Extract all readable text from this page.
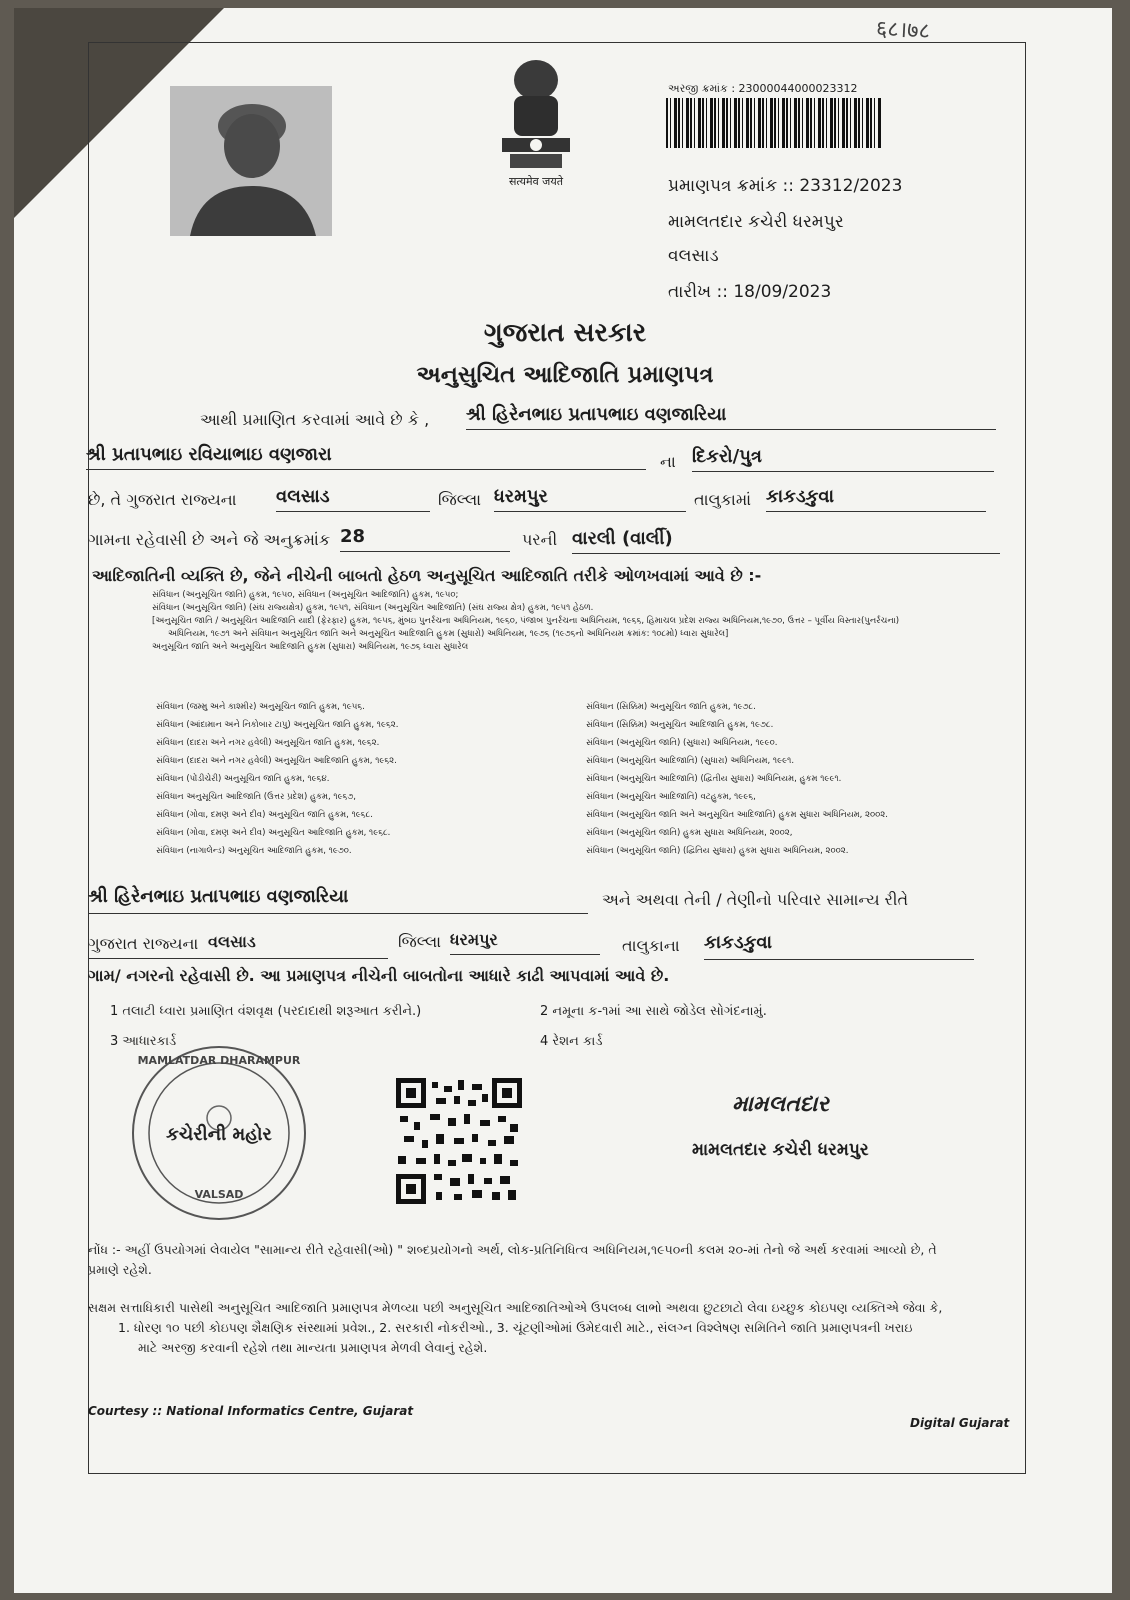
६८।७८
सत्यमेव जयते
અરજી ક્રમાંક : 23000044000023312
પ્રમાણપત્ર ક્રમાંક :: 23312/2023
મામલતદાર કચેરી ધરમપુર
વલસાડ
તારીખ :: 18/09/2023
ગુજરાત સરકાર
અનુસુચિત આદિજાતિ પ્રમાણપત્ર
આથી પ્રમાણિત કરવામાં આવે છે કે , શ્રી હિરેનભાઇ પ્રતાપભાઇ વણજારિયા
શ્રી પ્રતાપભાઇ રવિયાભાઇ વણજારા	ના દિકરો/પુત્ર
છે, તે ગુજરાત રાજ્યના વલસાડ	જિલ્લા ધરમપુર	તાલુકામાં કાકડકુવા
ગામના રહેવાસી છે અને જે અનુક્રમાંક 28	પરની વારલી (વાર્લી)
આદિજાતિની વ્યક્તિ છે, જેને નીચેની બાબતો હેઠળ અનુસૂચિત આદિજાતિ તરીકે ઓળખવામાં આવે છે :-
સંવિધાન (અનુસૂચિત જાતિ) હુકમ, ૧૯૫૦, સંવિધાન (અનુસૂચિત આદિજાતિ) હુકમ, ૧૯૫૦;
સંવિધાન (અનુસૂચિત જાતિ) (સંઘ રાજ્યક્ષેત્ર) હુકમ, ૧૯૫૧, સંવિધાન (અનુસૂચિત આદિજાતિ) (સંઘ રાજ્ય ક્ષેત્ર) હુકમ, ૧૯૫૧ હેઠળ.
[અનુસૂચિત જાતિ / અનુસૂચિત આદિજાતિ યાદી (ફેરફાર) હુકમ, ૧૯૫૬, મુંબઇ પુનર્રચના અધિનિયમ, ૧૯૬૦, પંજાબ પુનર્રચના અધિનિયમ, ૧૯૬૬, હિમાચલ પ્રદેશ રાજ્ય અધિનિયમ,૧૯૭૦, ઉત્તર – પૂર્વીય વિસ્તાર(પુનર્રચના)
અધિનિયમ, ૧૯૭૧ અને સંવિધાન અનુસૂચિત જાતિ અને અનુસૂચિત આદિજાતિ હુકમ (સુધારો) અધિનિયમ, ૧૯૭૬ (૧૯૭૬નો અધિનિયમ ક્રમાંક: ૧૦૮મો) ધ્વારા સુધારેલ]
અનુસૂચિત જાતિ અને અનુસૂચિત આદિજાતિ હુકમ (સુધારા) અધિનિયમ, ૧૯૭૬ ધ્વારા સુધારેલ
સંવિધાન (જમ્મુ અને કાશ્મીર) અનુસૂચિત જાતિ હુકમ, ૧૯૫૬.
સંવિધાન (આંદામાન અને નિકોબાર ટાપુ) અનુસૂચિત જાતિ હુકમ, ૧૯૬૨.
સંવિધાન (દાદરા અને નગર હવેલી) અનુસૂચિત જાતિ હુકમ, ૧૯૬૨.
સંવિધાન (દાદરા અને નગર હવેલી) અનુસૂચિત આદિજાતિ હુકમ, ૧૯૬૨.
સંવિધાન (પોંડીચેરી) અનુસૂચિત જાતિ હુકમ, ૧૯૬૪.
સંવિધાન અનુસૂચિત આદિજાતિ (ઉત્તર પ્રદેશ) હુકમ, ૧૯૬૭,
સંવિધાન (ગોવા, દમણ અને દીવ) અનુસૂચિત જાતિ હુકમ, ૧૯૬૮.
સંવિધાન (ગોવા, દમણ અને દીવ) અનુસૂચિત આદિજાતિ હુકમ, ૧૯૬૮.
સંવિધાન (નાગાલેન્ડ) અનુસૂચિત આદિજાતિ હુકમ, ૧૯૭૦.
સંવિધાન (સિક્કિમ) અનુસૂચિત જાતિ હુકમ, ૧૯૭૮.
સંવિધાન (સિક્કિમ) અનુસૂચિત આદિજાતિ હુકમ, ૧૯૭૮.
સંવિધાન (અનુસૂચિત જાતિ) (સુધારા) અધિનિયમ, ૧૯૯૦.
સંવિધાન (અનુસૂચિત આદિજાતિ) (સુધારા) અધિનિયમ, ૧૯૯૧.
સંવિધાન (અનુસૂચિત આદિજાતિ) (દ્વિતીય સુધારા) અધિનિયમ, હુકમ ૧૯૯૧.
સંવિધાન (અનુસૂચિત આદિજાતિ) વટહુકમ, ૧૯૯૬,
સંવિધાન (અનુસૂચિત જાતિ અને અનુસૂચિત આદિજાતિ) હુકમ સુધારા અધિનિયમ, ૨૦૦૨.
સંવિધાન (અનુસૂચિત જાતિ) હુકમ સુધારા અધિનિયમ, ૨૦૦૨,
સંવિધાન (અનુસૂચિત જાતિ) (દ્વિતિય સુધારા) હુકમ સુધારા અધિનિયમ, ૨૦૦૨.
શ્રી હિરેનભાઇ પ્રતાપભાઇ વણજારિયા	અને અથવા તેની / તેણીનો પરિવાર સામાન્ય રીતે
ગુજરાત રાજ્યના વલસાડ	જિલ્લા ધરમપુર	તાલુકાના કાકડકુવા
ગામ/ નગરનો રહેવાસી છે. આ પ્રમાણપત્ર નીચેની બાબતોના આધારે કાઢી આપવામાં આવે છે.
1 તલાટી ધ્વારા પ્રમાણિત વંશવૃક્ષ (પરદાદાથી શરૂઆત કરીને.)	2 નમૂના ક-૧માં આ સાથે જોડેલ સોગંદનામું.
3 આધારકાર્ડ	4 રેશન કાર્ડ
MAMLATDAR DHARAMPUR
કચેરીની મહોર
VALSAD
મામલતદાર
મામલતદાર કચેરી ધરમપુર
નોંધ :- અહીં ઉપયોગમાં લેવાયેલ "સામાન્ય રીતે રહેવાસી(ઓ) " શબ્દપ્રયોગનો અર્થ, લોક-પ્રતિનિધિત્વ અધિનિયમ,૧૯૫૦ની કલમ ૨૦-માં તેનો જે અર્થ કરવામાં આવ્યો છે, તે
પ્રમાણે રહેશે.
સક્ષમ સત્તાધિકારી પાસેથી અનુસૂચિત આદિજાતિ પ્રમાણપત્ર મેળવ્યા પછી અનુસૂચિત આદિજાતિઓએ ઉપલબ્ધ લાભો અથવા છુટછાટો લેવા ઇચ્છુક કોઇપણ વ્યક્તિએ જેવા કે,
1. ધોરણ ૧૦ પછી કોઇપણ શૈક્ષણિક સંસ્થામાં પ્રવેશ., 2. સરકારી નોકરીઓ., 3. ચૂંટણીઓમાં ઉમેદવારી માટે., સંલગ્ન વિશ્લેષણ સમિતિને જાતિ પ્રમાણપત્રની ખરાઇ
માટે અરજી કરવાની રહેશે તથા માન્યતા પ્રમાણપત્ર મેળવી લેવાનું રહેશે.
Courtesy :: National Informatics Centre, Gujarat
Digital Gujarat
